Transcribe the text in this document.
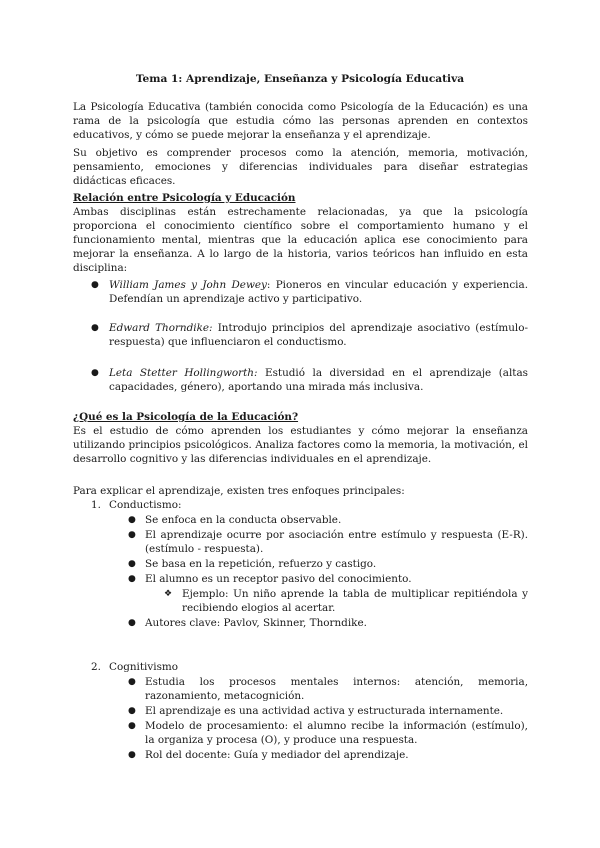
Tema 1: Aprendizaje, Enseñanza y Psicología Educativa
La Psicología Educativa (también conocida como Psicología de la Educación) es una rama de la psicología que estudia cómo las personas aprenden en contextos educativos, y cómo se puede mejorar la enseñanza y el aprendizaje.
Su objetivo es comprender procesos como la atención, memoria, motivación, pensamiento, emociones y diferencias individuales para diseñar estrategias didácticas eficaces.
Relación entre Psicología y Educación
Ambas disciplinas están estrechamente relacionadas, ya que la psicología proporciona el conocimiento científico sobre el comportamiento humano y el funcionamiento mental, mientras que la educación aplica ese conocimiento para mejorar la enseñanza. A lo largo de la historia, varios teóricos han influido en esta disciplina:
● William James y John Dewey: Pioneros en vincular educación y experiencia. Defendían un aprendizaje activo y participativo.
● Edward Thorndike: Introdujo principios del aprendizaje asociativo (estímulo-respuesta) que influenciaron el conductismo.
● Leta Stetter Hollingworth: Estudió la diversidad en el aprendizaje (altas capacidades, género), aportando una mirada más inclusiva.
¿Qué es la Psicología de la Educación?
Es el estudio de cómo aprenden los estudiantes y cómo mejorar la enseñanza utilizando principios psicológicos. Analiza factores como la memoria, la motivación, el desarrollo cognitivo y las diferencias individuales en el aprendizaje.
Para explicar el aprendizaje, existen tres enfoques principales:
1. Conductismo:
● Se enfoca en la conducta observable.
● El aprendizaje ocurre por asociación entre estímulo y respuesta (E-R).(estímulo - respuesta).
● Se basa en la repetición, refuerzo y castigo.
● El alumno es un receptor pasivo del conocimiento.
❖ Ejemplo: Un niño aprende la tabla de multiplicar repitiéndola y recibiendo elogios al acertar.
● Autores clave: Pavlov, Skinner, Thorndike.
2. Cognitivismo
● Estudia los procesos mentales internos: atención, memoria, razonamiento, metacognición.
● El aprendizaje es una actividad activa y estructurada internamente.
● Modelo de procesamiento: el alumno recibe la información (estímulo), la organiza y procesa (O), y produce una respuesta.
● Rol del docente: Guía y mediador del aprendizaje.
